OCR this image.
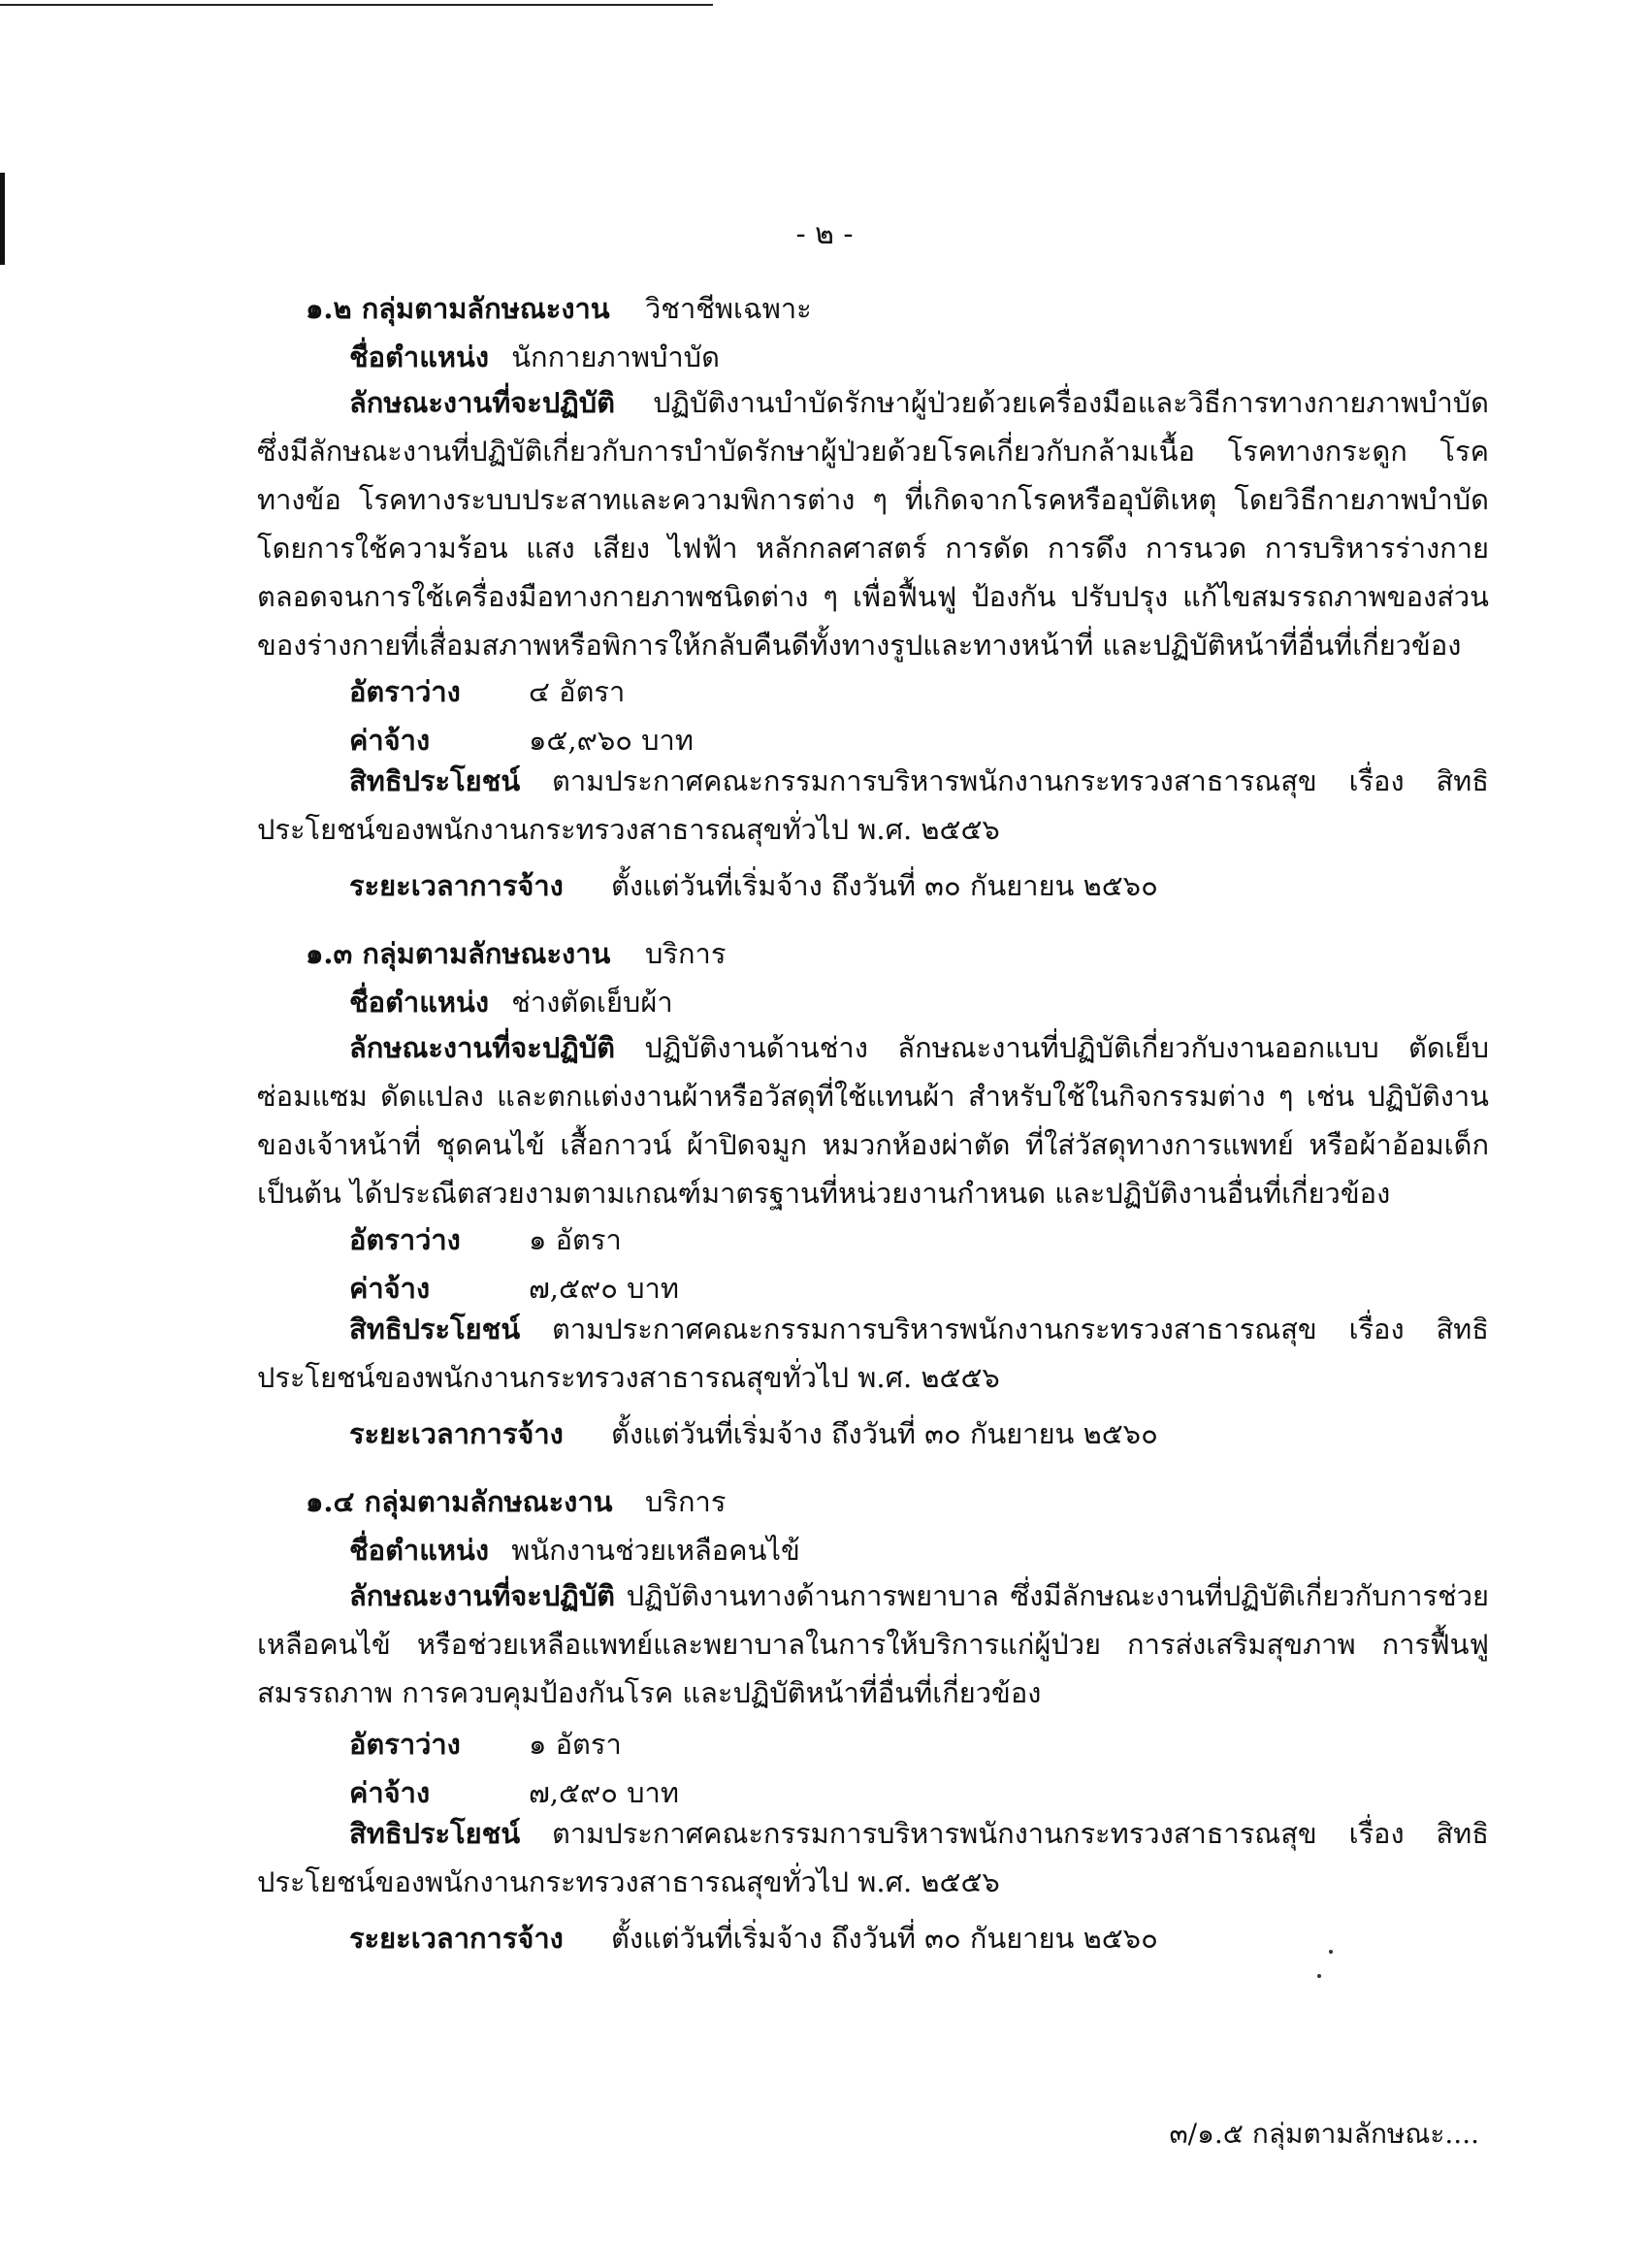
- ๒ -
๑.๒ กลุ่มตามลักษณะงาน วิชาชีพเฉพาะ
ชื่อตำแหน่ง นักกายภาพบำบัด
ลักษณะงานที่จะปฏิบัติ ปฏิบัติงานบำบัดรักษาผู้ป่วยด้วยเครื่องมือและวิธีการทางกายภาพบำบัด ซึ่งมีลักษณะงานที่ปฏิบัติเกี่ยวกับการบำบัดรักษาผู้ป่วยด้วยโรคเกี่ยวกับกล้ามเนื้อ โรคทางกระดูก โรคทางข้อ โรคทางระบบประสาทและความพิการต่าง ๆ ที่เกิดจากโรคหรืออุบัติเหตุ โดยวิธีกายภาพบำบัด โดยการใช้ความร้อน แสง เสียง ไฟฟ้า หลักกลศาสตร์ การดัด การดึง การนวด การบริหารร่างกาย ตลอดจนการใช้เครื่องมือทางกายภาพชนิดต่าง ๆ เพื่อฟื้นฟู ป้องกัน ปรับปรุง แก้ไขสมรรถภาพของส่วนของร่างกายที่เสื่อมสภาพหรือพิการให้กลับคืนดีทั้งทางรูปและทางหน้าที่ และปฏิบัติหน้าที่อื่นที่เกี่ยวข้อง
อัตราว่าง ๔ อัตรา
ค่าจ้าง	๑๕,๙๖๐ บาท
สิทธิประโยชน์ ตามประกาศคณะกรรมการบริหารพนักงานกระทรวงสาธารณสุข เรื่อง สิทธิประโยชน์ของพนักงานกระทรวงสาธารณสุขทั่วไป พ.ศ. ๒๕๕๖
ระยะเวลาการจ้าง ตั้งแต่วันที่เริ่มจ้าง ถึงวันที่ ๓๐ กันยายน ๒๕๖๐
๑.๓ กลุ่มตามลักษณะงาน บริการ
ชื่อตำแหน่ง ช่างตัดเย็บผ้า
ลักษณะงานที่จะปฏิบัติ ปฏิบัติงานด้านช่าง ลักษณะงานที่ปฏิบัติเกี่ยวกับงานออกแบบ ตัดเย็บ ซ่อมแซม ดัดแปลง และตกแต่งงานผ้าหรือวัสดุที่ใช้แทนผ้า สำหรับใช้ในกิจกรรมต่าง ๆ เช่น ปฏิบัติงานของเจ้าหน้าที่ ชุดคนไข้ เสื้อกาวน์ ผ้าปิดจมูก หมวกห้องผ่าตัด ที่ใส่วัสดุทางการแพทย์ หรือผ้าอ้อมเด็ก เป็นต้น ได้ประณีตสวยงามตามเกณฑ์มาตรฐานที่หน่วยงานกำหนด และปฏิบัติงานอื่นที่เกี่ยวข้อง
อัตราว่าง ๑ อัตรา
ค่าจ้าง	๗,๕๙๐ บาท
สิทธิประโยชน์ ตามประกาศคณะกรรมการบริหารพนักงานกระทรวงสาธารณสุข เรื่อง สิทธิประโยชน์ของพนักงานกระทรวงสาธารณสุขทั่วไป พ.ศ. ๒๕๕๖
ระยะเวลาการจ้าง ตั้งแต่วันที่เริ่มจ้าง ถึงวันที่ ๓๐ กันยายน ๒๕๖๐
๑.๔ กลุ่มตามลักษณะงาน บริการ
ชื่อตำแหน่ง พนักงานช่วยเหลือคนไข้
ลักษณะงานที่จะปฏิบัติ ปฏิบัติงานทางด้านการพยาบาล ซึ่งมีลักษณะงานที่ปฏิบัติเกี่ยวกับการช่วยเหลือคนไข้ หรือช่วยเหลือแพทย์และพยาบาลในการให้บริการแก่ผู้ป่วย การส่งเสริมสุขภาพ การฟื้นฟูสมรรถภาพ การควบคุมป้องกันโรค และปฏิบัติหน้าที่อื่นที่เกี่ยวข้อง
อัตราว่าง ๑ อัตรา
ค่าจ้าง	๗,๕๙๐ บาท
สิทธิประโยชน์ ตามประกาศคณะกรรมการบริหารพนักงานกระทรวงสาธารณสุข เรื่อง สิทธิประโยชน์ของพนักงานกระทรวงสาธารณสุขทั่วไป พ.ศ. ๒๕๕๖
ระยะเวลาการจ้าง ตั้งแต่วันที่เริ่มจ้าง ถึงวันที่ ๓๐ กันยายน ๒๕๖๐
๓/๑.๕ กลุ่มตามลักษณะ....
